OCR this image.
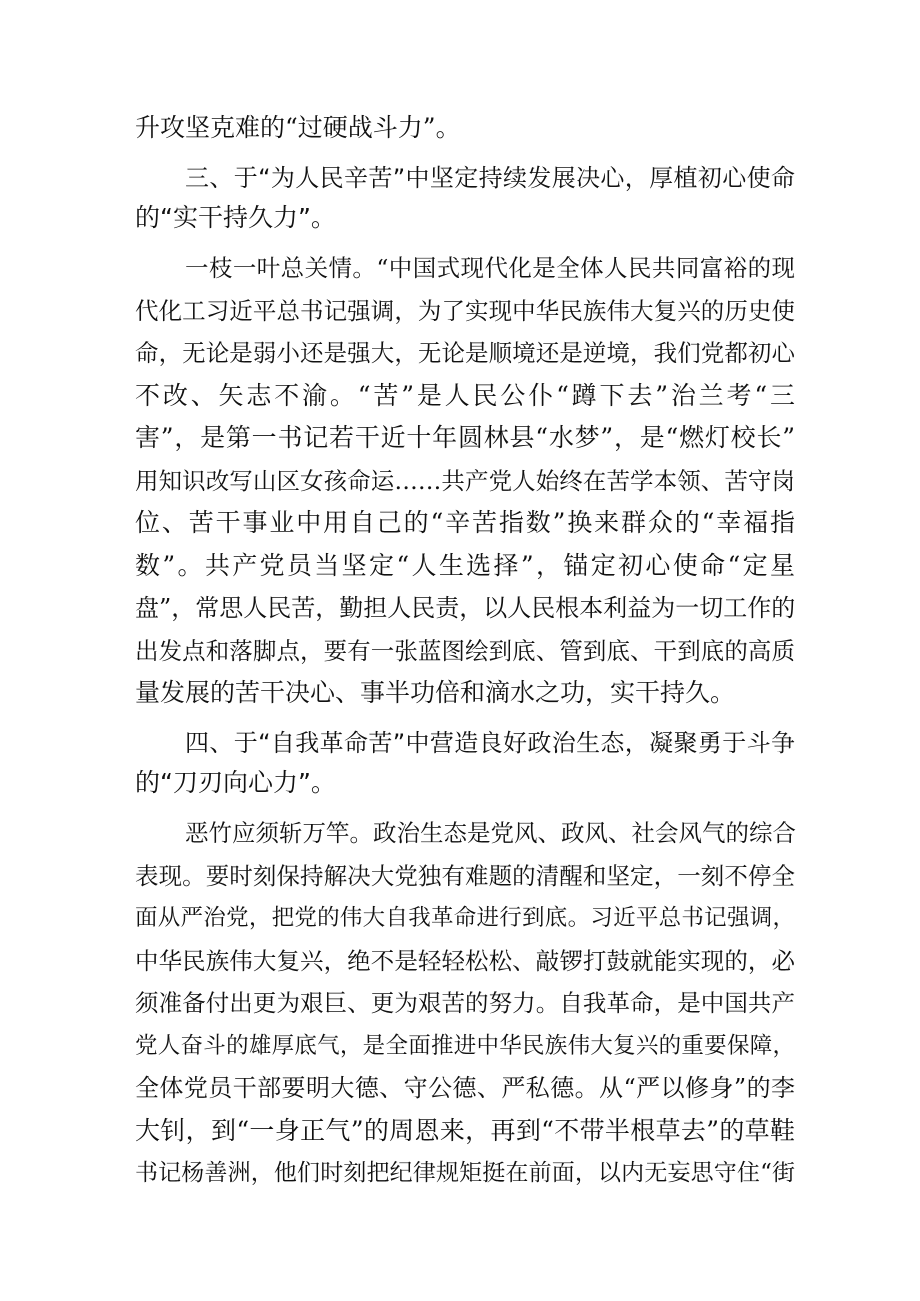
升攻坚克难的“过硬战斗力”。
三、于“为人民辛苦”中坚定持续发展决心，厚植初心使命
的“实干持久力”。
一枝一叶总关情。“中国式现代化是全体人民共同富裕的现
代化工习近平总书记强调，为了实现中华民族伟大复兴的历史使
命，无论是弱小还是强大，无论是顺境还是逆境，我们党都初心
不改、矢志不渝。“苦”是人民公仆“蹲下去”治兰考“三
害”，是第一书记若干近十年圆林县“水梦”，是“燃灯校长”
用知识改写山区女孩命运……共产党人始终在苦学本领、苦守岗
位、苦干事业中用自己的“辛苦指数”换来群众的“幸福指
数”。共产党员当坚定“人生选择”，锚定初心使命“定星
盘”，常思人民苦，勤担人民责，以人民根本利益为一切工作的
出发点和落脚点，要有一张蓝图绘到底、管到底、干到底的高质
量发展的苦干决心、事半功倍和滴水之功，实干持久。
四、于“自我革命苦”中营造良好政治生态，凝聚勇于斗争
的“刀刃向心力”。
恶竹应须斩万竿。政治生态是党风、政风、社会风气的综合
表现。要时刻保持解决大党独有难题的清醒和坚定，一刻不停全
面从严治党，把党的伟大自我革命进行到底。习近平总书记强调，
中华民族伟大复兴，绝不是轻轻松松、敲锣打鼓就能实现的，必
须准备付出更为艰巨、更为艰苦的努力。自我革命，是中国共产
党人奋斗的雄厚底气，是全面推进中华民族伟大复兴的重要保障，
全体党员干部要明大德、守公德、严私德。从“严以修身”的李
大钊，到“一身正气”的周恩来，再到“不带半根草去”的草鞋
书记杨善洲，他们时刻把纪律规矩挺在前面，以内无妄思守住“街
